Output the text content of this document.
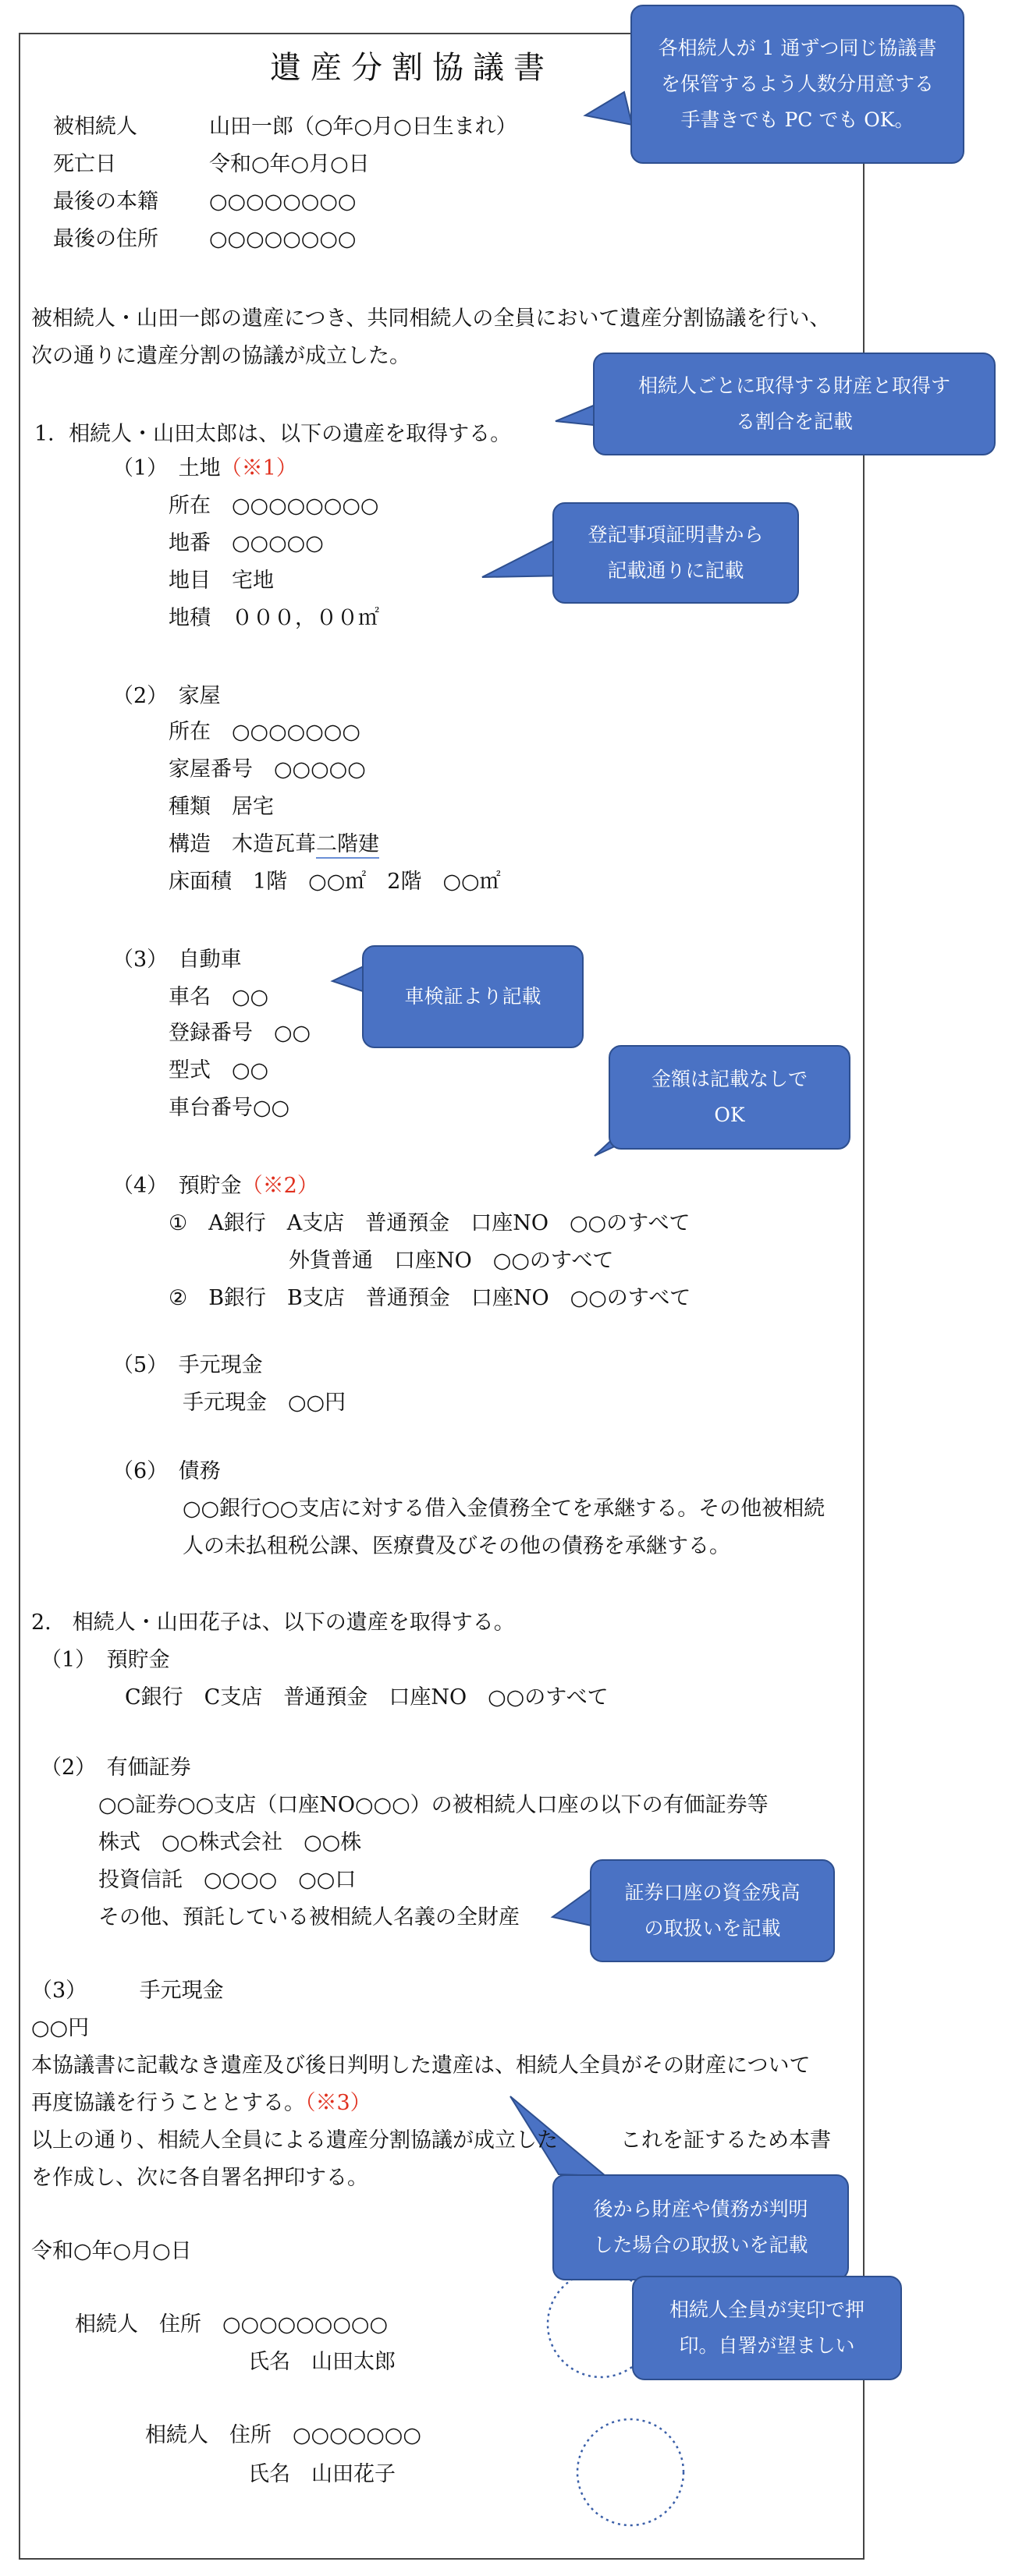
遺産分割協議書
被相続人	山田一郎（○年○月○日生まれ）
死亡日	令和○年○月○日
最後の本籍 ○○○○○○○○
最後の住所 ○○○○○○○○
被相続人・山田一郎の遺産につき、共同相続人の全員において遺産分割協議を行い、
次の通りに遺産分割の協議が成立した。
1．相続人・山田太郎は、以下の遺産を取得する。
（1）　土地（※1）
所在　○○○○○○○○
地番　○○○○○
地目　宅地
地積　０００，００㎡
（2）　家屋
所在　○○○○○○○
家屋番号　○○○○○
種類　居宅
構造　木造瓦葺二階建
床面積　1階　○○㎡　2階　○○㎡
（3）　自動車
車名　○○
登録番号　○○
型式　○○
車台番号○○
（4）　預貯金（※2）
①　A銀行　A支店　普通預金　口座NO　○○のすべて
外貨普通　口座NO　○○のすべて
②　B銀行　B支店　普通預金　口座NO　○○のすべて
（5）　手元現金
手元現金　○○円
（6）　債務
○○銀行○○支店に対する借入金債務全てを承継する。その他被相続
人の未払租税公課、医療費及びその他の債務を承継する。
2.　相続人・山田花子は、以下の遺産を取得する。
（1）　預貯金
C銀行　C支店　普通預金　口座NO　○○のすべて
（2）　有価証券
○○証券○○支店（口座NO○○○）の被相続人口座の以下の有価証券等
株式　○○株式会社　○○株
投資信託　○○○○　○○口
その他、預託している被相続人名義の全財産
（3）　　　手元現金
○○円
本協議書に記載なき遺産及び後日判明した遺産は、相続人全員がその財産について
再度協議を行うこととする。（※3）
以上の通り、相続人全員による遺産分割協議が成立した	これを証するため本書
を作成し、次に各自署名押印する。
令和○年○月○日
相続人　住所　○○○○○○○○○
氏名　山田太郎
相続人　住所　○○○○○○○
氏名　山田花子
各相続人が 1 通ずつ同じ協議書
を保管するよう人数分用意する
手書きでも PC でも OK。
相続人ごとに取得する財産と取得す
る割合を記載
登記事項証明書から
記載通りに記載
車検証より記載
金額は記載なしで
OK
証券口座の資金残高
の取扱いを記載
後から財産や債務が判明
した場合の取扱いを記載
相続人全員が実印で押
印。自署が望ましい
